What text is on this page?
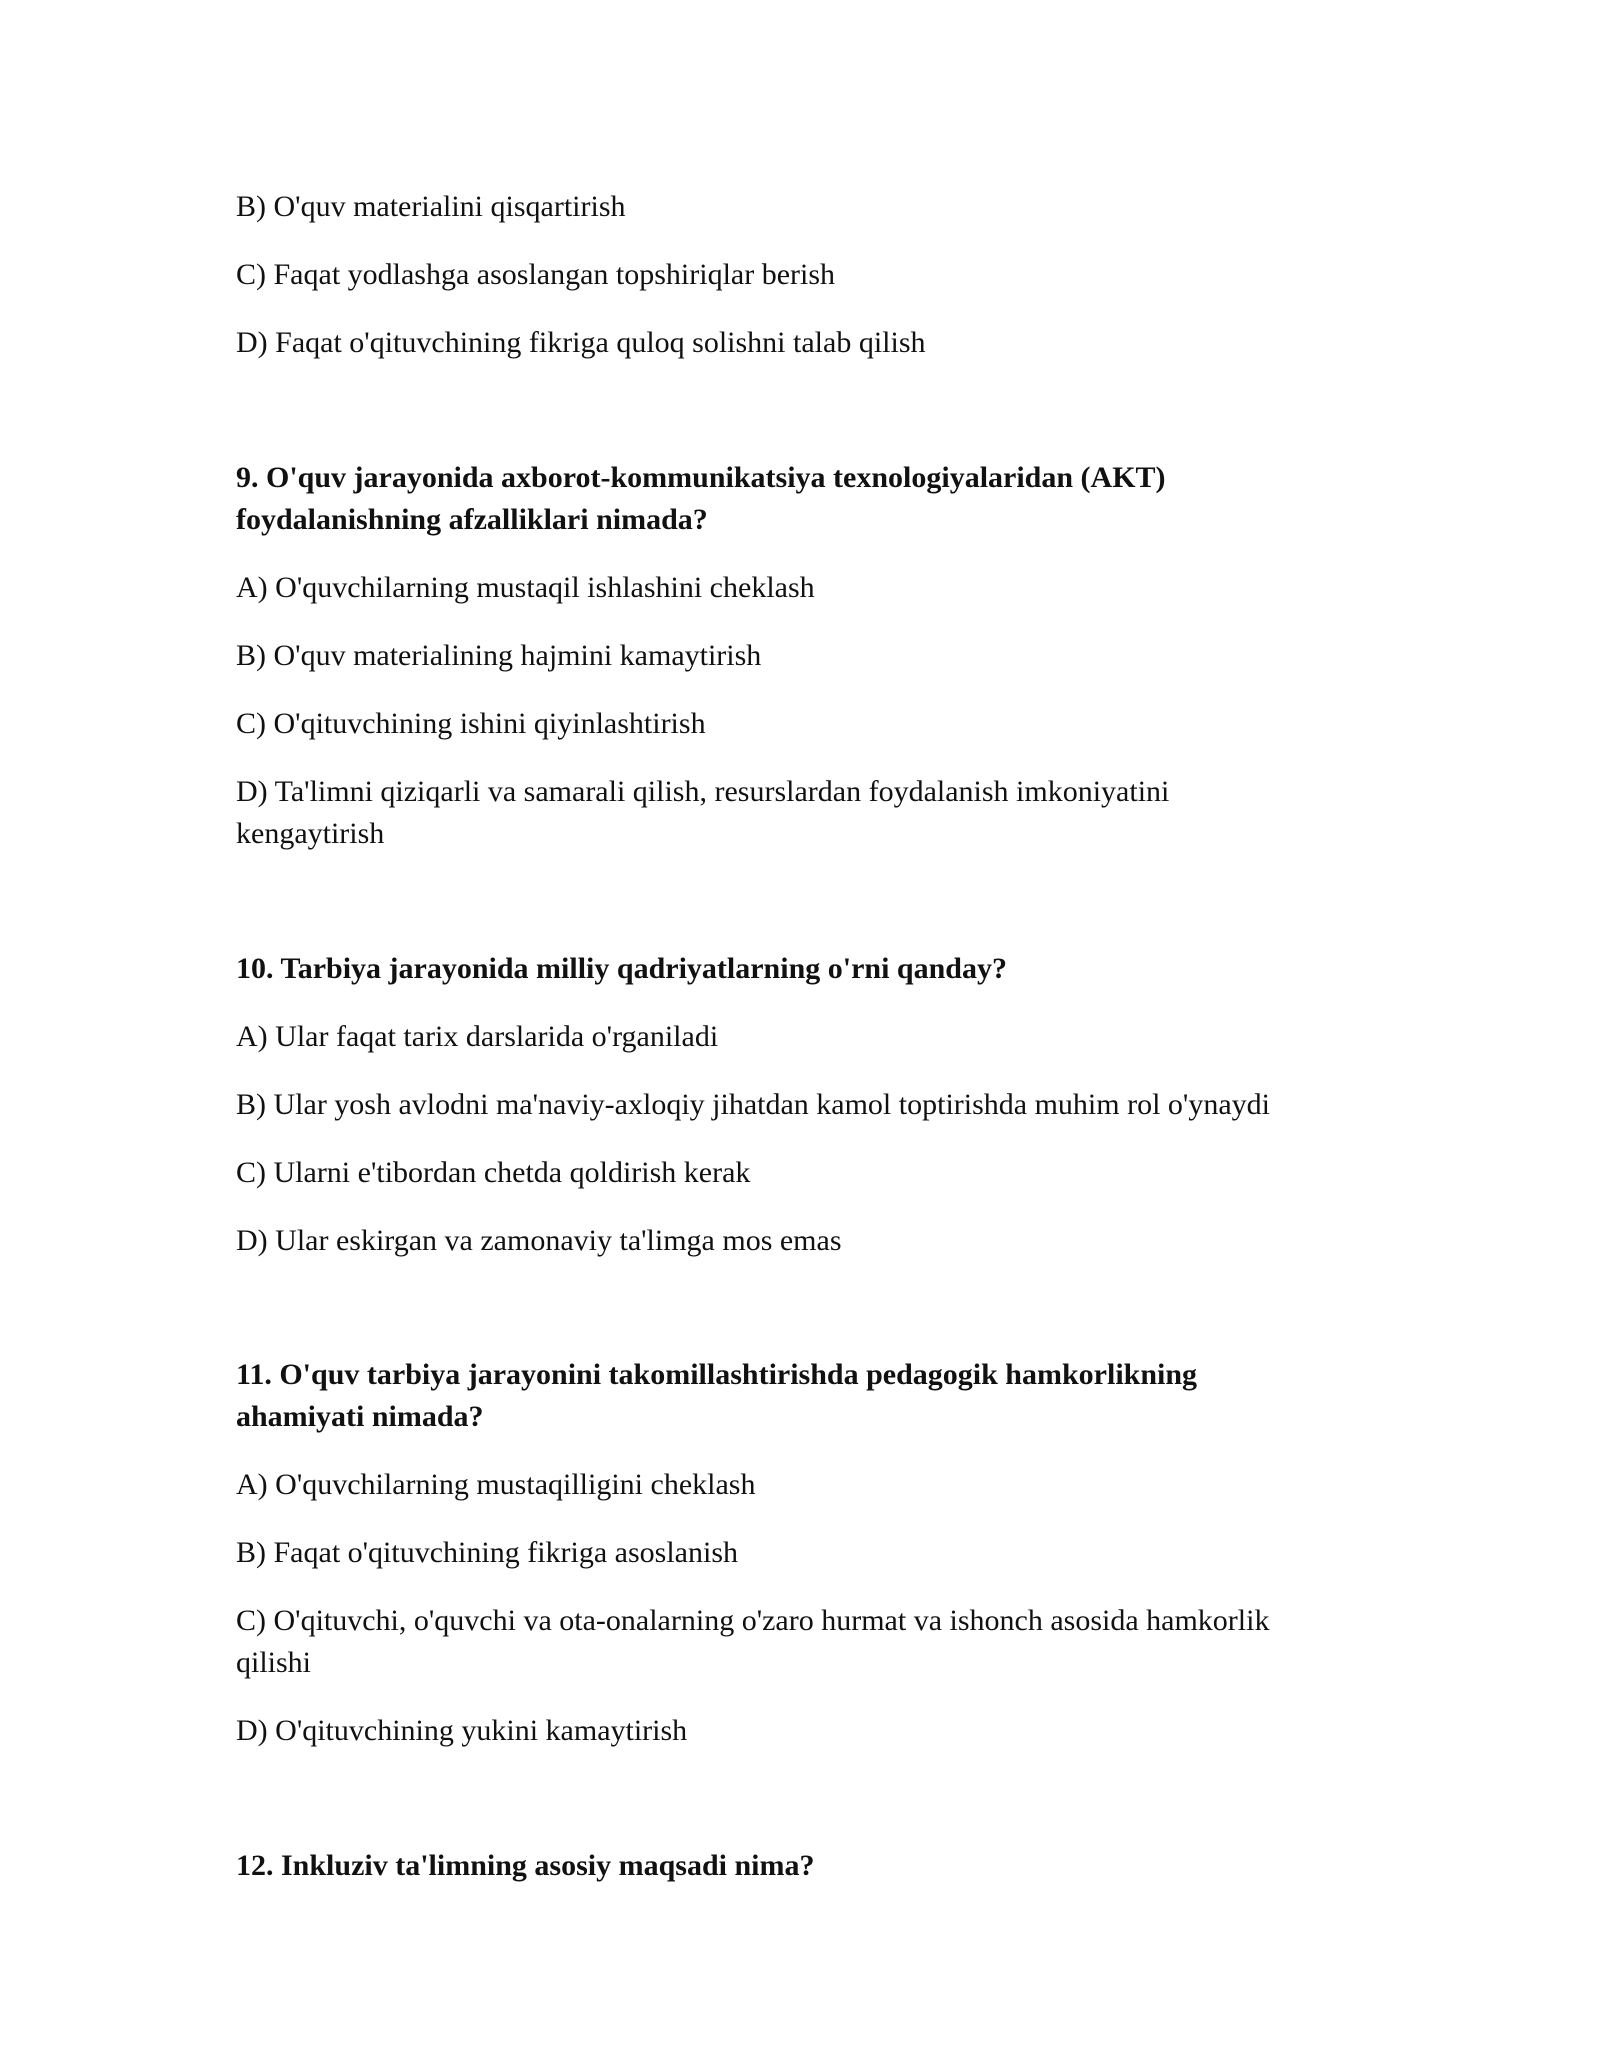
B) O'quv materialini qisqartirish
C) Faqat yodlashga asoslangan topshiriqlar berish
D) Faqat o'qituvchining fikriga quloq solishni talab qilish
9. O'quv jarayonida axborot-kommunikatsiya texnologiyalaridan (AKT)
foydalanishning afzalliklari nimada?
A) O'quvchilarning mustaqil ishlashini cheklash
B) O'quv materialining hajmini kamaytirish
C) O'qituvchining ishini qiyinlashtirish
D) Ta'limni qiziqarli va samarali qilish, resurslardan foydalanish imkoniyatini
kengaytirish
10. Tarbiya jarayonida milliy qadriyatlarning o'rni qanday?
A) Ular faqat tarix darslarida o'rganiladi
B) Ular yosh avlodni ma'naviy-axloqiy jihatdan kamol toptirishda muhim rol o'ynaydi
C) Ularni e'tibordan chetda qoldirish kerak
D) Ular eskirgan va zamonaviy ta'limga mos emas
11. O'quv tarbiya jarayonini takomillashtirishda pedagogik hamkorlikning
ahamiyati nimada?
A) O'quvchilarning mustaqilligini cheklash
B) Faqat o'qituvchining fikriga asoslanish
C) O'qituvchi, o'quvchi va ota-onalarning o'zaro hurmat va ishonch asosida hamkorlik
qilishi
D) O'qituvchining yukini kamaytirish
12. Inkluziv ta'limning asosiy maqsadi nima?
